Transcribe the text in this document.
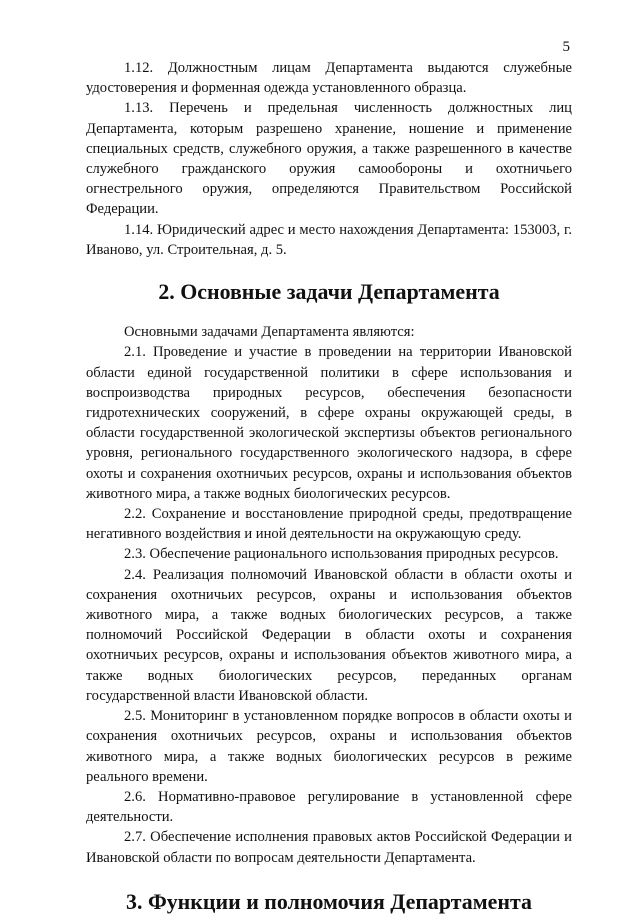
5

1.12. Должностным лицам Департамента выдаются служебные удостоверения и форменная одежда установленного образца.

1.13. Перечень и предельная численность должностных лиц Департамента, которым разрешено хранение, ношение и применение специальных средств, служебного оружия, а также разрешенного в качестве служебного гражданского оружия самообороны и охотничьего огнестрельного оружия, определяются Правительством Российской Федерации.

1.14. Юридический адрес и место нахождения Департамента: 153003, г. Иваново, ул. Строительная, д. 5.

2. Основные задачи Департамента

Основными задачами Департамента являются:

2.1. Проведение и участие в проведении на территории Ивановской области единой государственной политики в сфере использования и воспроизводства природных ресурсов, обеспечения безопасности гидротехнических сооружений, в сфере охраны окружающей среды, в области государственной экологической экспертизы объектов регионального уровня, регионального государственного экологического надзора, в сфере охоты и сохранения охотничьих ресурсов, охраны и использования объектов животного мира, а также водных биологических ресурсов.

2.2. Сохранение и восстановление природной среды, предотвращение негативного воздействия и иной деятельности на окружающую среду.

2.3. Обеспечение рационального использования природных ресурсов.

2.4. Реализация полномочий Ивановской области в области охоты и сохранения охотничьих ресурсов, охраны и использования объектов животного мира, а также водных биологических ресурсов, а также полномочий Российской Федерации в области охоты и сохранения охотничьих ресурсов, охраны и использования объектов животного мира, а также водных биологических ресурсов, переданных органам государственной власти Ивановской области.

2.5. Мониторинг в установленном порядке вопросов в области охоты и сохранения охотничьих ресурсов, охраны и использования объектов животного мира, а также водных биологических ресурсов в режиме реального времени.

2.6. Нормативно-правовое регулирование в установленной сфере деятельности.

2.7. Обеспечение исполнения правовых актов Российской Федерации и Ивановской области по вопросам деятельности Департамента.

3. Функции и полномочия Департамента
